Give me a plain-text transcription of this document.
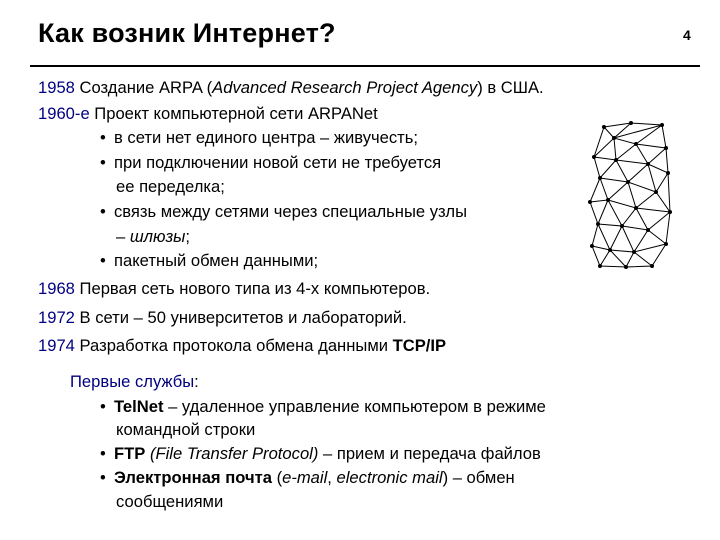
Как возник Интернет?	4
1958 Создание ARPA (Advanced Research Project Agency) в США.
1960-е Проект компьютерной сети ARPANet
• в сети нет единого центра – живучесть;
• при подключении новой сети не требуется
ее переделка;
• связь между сетями через специальные узлы
– шлюзы;
• пакетный обмен данными;
1968 Первая сеть нового типа из 4-х компьютеров.
1972 В сети – 50 университетов и лабораторий.
1974 Разработка протокола обмена данными TCP/IP
Первые службы:
• TelNet – удаленное управление компьютером в режиме
командной строки
• FTP (File Transfer Protocol) – прием и передача файлов
• Электронная почта (e-mail, electronic mail) – обмен
сообщениями
